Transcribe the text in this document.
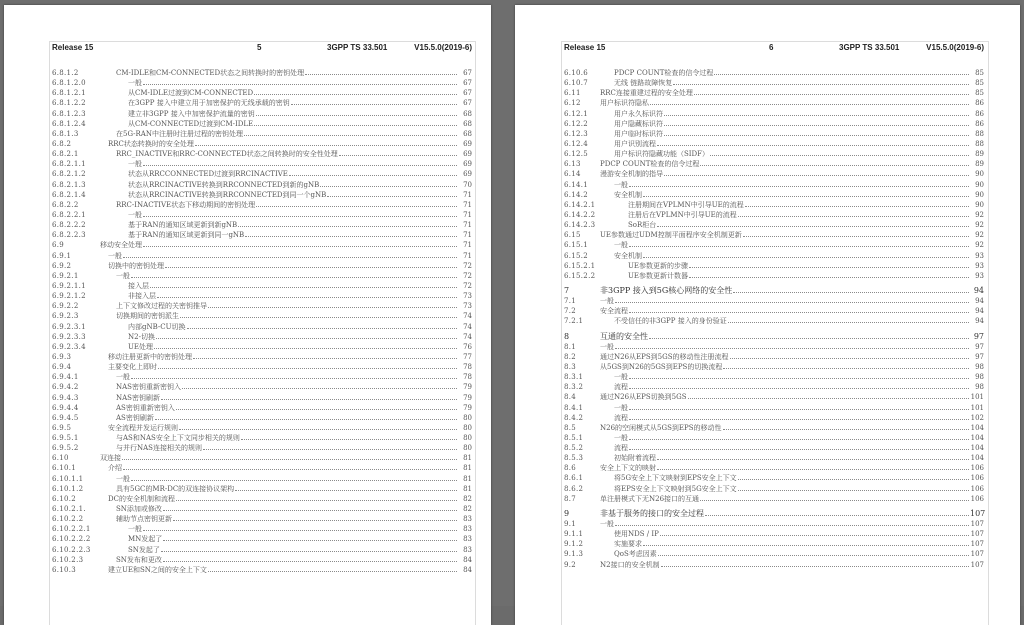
Release 15	5	3GPP TS 33.501	V15.5.0(2019-6)
6.8.1.2	CM-IDLE和CM-CONNECTED状态之间转换时的密钥处理	67
6.8.1.2.0	一般	67
6.8.1.2.1	从CM-IDLE过渡到CM-CONNECTED	67
6.8.1.2.2	在3GPP 接入中建立用于加密保护的无线承载的密钥	67
6.8.1.2.3	建立非3GPP 接入中加密保护流量的密钥	68
6.8.1.2.4	从CM-CONNECTED过渡到CM-IDLE	68
6.8.1.3	在5G-RAN中注册时注册过程的密钥处理	68
6.8.2	RRC状态转换时的安全处理	69
6.8.2.1	RRC_INACTIVE和RRC-CONNECTED状态之间转换时的安全性处理	69
6.8.2.1.1	一般	69
6.8.2.1.2	状态从RRCCONNECTED过渡到RRCINACTIVE	69
6.8.2.1.3	状态从RRCINACTIVE转换到RRCONNECTED到新的gNB	70
6.8.2.1.4	状态从RRCINACTIVE转换到RRCONNECTED到同一个gNB	71
6.8.2.2	RRC-INACTIVE状态下移动期间的密钥处理	71
6.8.2.2.1	一般	71
6.8.2.2.2	基于RAN的通知区域更新到新gNB	71
6.8.2.2.3	基于RAN的通知区域更新到同一gNB	71
6.9	移动安全处理	71
6.9.1	一般	71
6.9.2	切换中的密钥处理	72
6.9.2.1	一般	72
6.9.2.1.1	接入层	72
6.9.2.1.2	非接入层	73
6.9.2.2	上下文修改过程的关密钥推导	73
6.9.2.3	切换期间的密钥派生	74
6.9.2.3.1	内部gNB-CU切换	74
6.9.2.3.3	N2-切换	74
6.9.2.3.4	UE处理	76
6.9.3	移动注册更新中的密钥处理	77
6.9.4	主要变化上即时	78
6.9.4.1	一般	78
6.9.4.2	NAS密钥重新密钥入	79
6.9.4.3	NAS密钥刷新	79
6.9.4.4	AS密钥重新密钥入	79
6.9.4.5	AS密钥刷新	80
6.9.5	安全流程并发运行规则	80
6.9.5.1	与AS和NAS安全上下文同步相关的规则	80
6.9.5.2	与并行NAS连接相关的规则	80
6.10	双连接	81
6.10.1	介绍	81
6.10.1.1	一般	81
6.10.1.2	具有5GC的MR-DC的双连接协议架构	81
6.10.2	DC的安全机制和流程	82
6.10.2.1.	SN添加或修改	82
6.10.2.2	辅助节点密钥更新	83
6.10.2.2.1	一般	83
6.10.2.2.2	MN发起了	83
6.10.2.2.3	SN发起了	83
6.10.2.3	SN发布和更改	84
6.10.3	建立UE和SN之间的安全上下文	84
Release 15	6	3GPP TS 33.501	V15.5.0(2019-6)
6.10.6	PDCP COUNT检查的信令过程	85
6.10.7	无线 链路故障恢复	85
6.11	RRC连接重建过程的安全处理	85
6.12	用户标识符隐私	86
6.12.1	用户永久标识符	86
6.12.2	用户隐藏标识符	86
6.12.3	用户临时标识符	88
6.12.4	用户识别流程	88
6.12.5	用户标识符隐藏功能（SIDF）	89
6.13	PDCP COUNT检查的信令过程	89
6.14	漫游安全机制的指导	90
6.14.1	一般	90
6.14.2	安全机制	90
6.14.2.1	注册期间在VPLMN中引导UE的流程	90
6.14.2.2	注册后在VPLMN中引导UE的流程	92
6.14.2.3	SoR柜台	92
6.15	UE参数通过UDM控制平面程序安全机制更新	92
6.15.1	一般	92
6.15.2	安全机制	93
6.15.2.1	UE参数更新的步骤	93
6.15.2.2	UE参数更新计数器	93
7	非3GPP 接入到5G核心网络的安全性	94
7.1	一般	94
7.2	安全流程	94
7.2.1	不受信任的非3GPP 接入的身份验证	94
8	互通的安全性	97
8.1	一般	97
8.2	通过N26从EPS到5GS的移动性注册流程	97
8.3	从5GS到N26的5GS到EPS的切换流程	98
8.3.1	一般	98
8.3.2	流程	98
8.4	通过N26从EPS切换到5GS	101
8.4.1	一般	101
8.4.2	流程	102
8.5	N26的空闲模式从5GS到EPS的移动性	104
8.5.1	一般	104
8.5.2	流程	104
8.5.3	初始附着流程	104
8.6	安全上下文的映射	106
8.6.1	将5G安全上下文映射到EPS安全上下文	106
8.6.2	将EPS安全上下文映射到5G安全上下文	106
8.7	单注册模式下无N26接口的互通	106
9	非基于服务的接口的安全过程	107
9.1	一般	107
9.1.1	使用NDS / IP	107
9.1.2	实施要求	107
9.1.3	QoS考虑因素	107
9.2	N2接口的安全机制	107
